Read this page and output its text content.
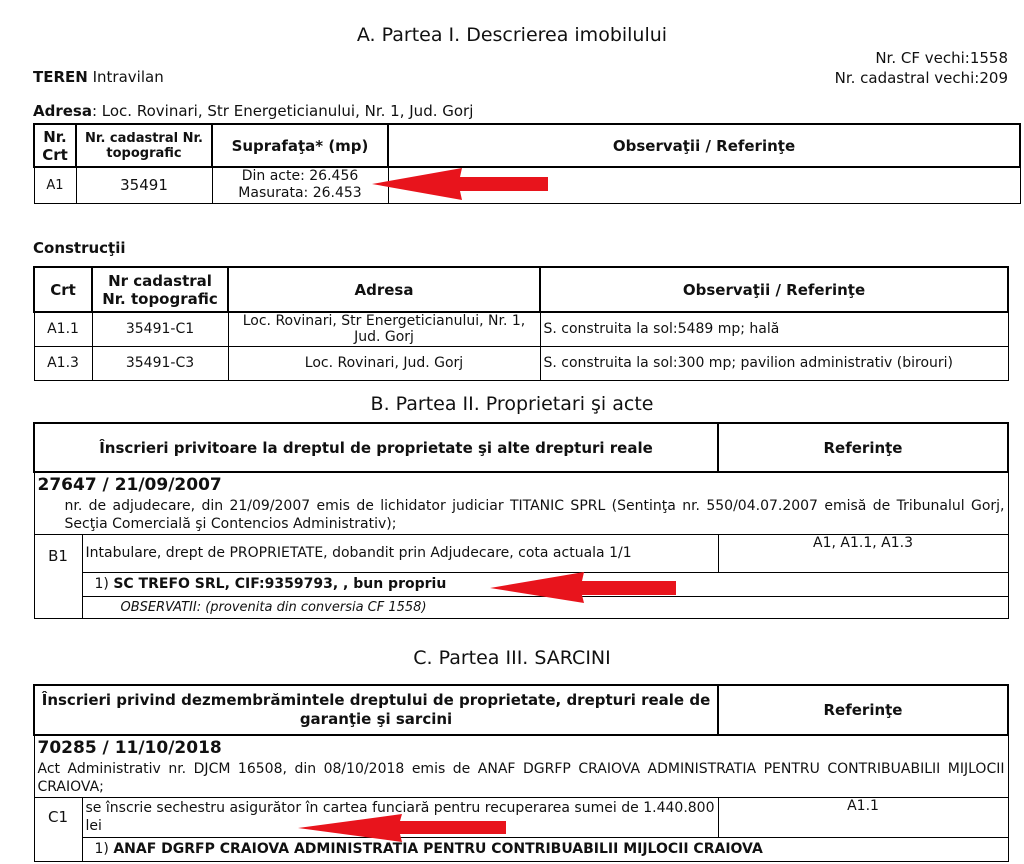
A. Partea I. Descrierea imobilului
Nr. CF vechi:1558
Nr. cadastral vechi:209
TEREN Intravilan
Adresa: Loc. Rovinari, Str Energeticianului, Nr. 1, Jud. Gorj
Nr. Crt	Nr. cadastral Nr. topografic	Suprafaţa* (mp)	Observaţii / Referinţe
A1	35491	Din acte: 26.456
Masurata: 26.453	

Construcţii
Crt	Nr cadastral Nr. topografic	Adresa	Observaţii / Referinţe
A1.1	35491-C1	Loc. Rovinari, Str Energeticianului, Nr. 1, Jud. Gorj	S. construita la sol:5489 mp; hală
A1.3	35491-C3	Loc. Rovinari, Jud. Gorj	S. construita la sol:300 mp; pavilion administrativ (birouri)
B. Partea II. Proprietari şi acte
Înscrieri privitoare la dreptul de proprietate şi alte drepturi reale		Referinţe
27647 / 21/09/2007		
nr. de adjudecare, din 21/09/2007 emis de lichidator judiciar TITANIC SPRL (Sentinţa nr. 550/04.07.2007 emisă de Tribunalul Gorj, Secţia Comercială şi Contencios Administrativ);		
B1	Intabulare, drept de PROPRIETATE, dobandit prin Adjudecare, cota actuala 1/1	A1, A1.1, A1.3
	1) SC TREFO SRL, CIF:9359793, , bun propriu	
	OBSERVATII: (provenita din conversia CF 1558)	
C. Partea III. SARCINI
Înscrieri privind dezmembrămintele dreptului de proprietate, drepturi reale de garanţie şi sarcini		Referinţe
70285 / 11/10/2018		
Act Administrativ nr. DJCM 16508, din 08/10/2018 emis de ANAF DGRFP CRAIOVA ADMINISTRATIA PENTRU CONTRIBUABILII MIJLOCII CRAIOVA;		
C1	se înscrie sechestru asigurător în cartea funciară pentru recuperarea sumei de 1.440.800 lei	A1.1
	1) ANAF DGRFP CRAIOVA ADMINISTRATIA PENTRU CONTRIBUABILII MIJLOCII CRAIOVA	
